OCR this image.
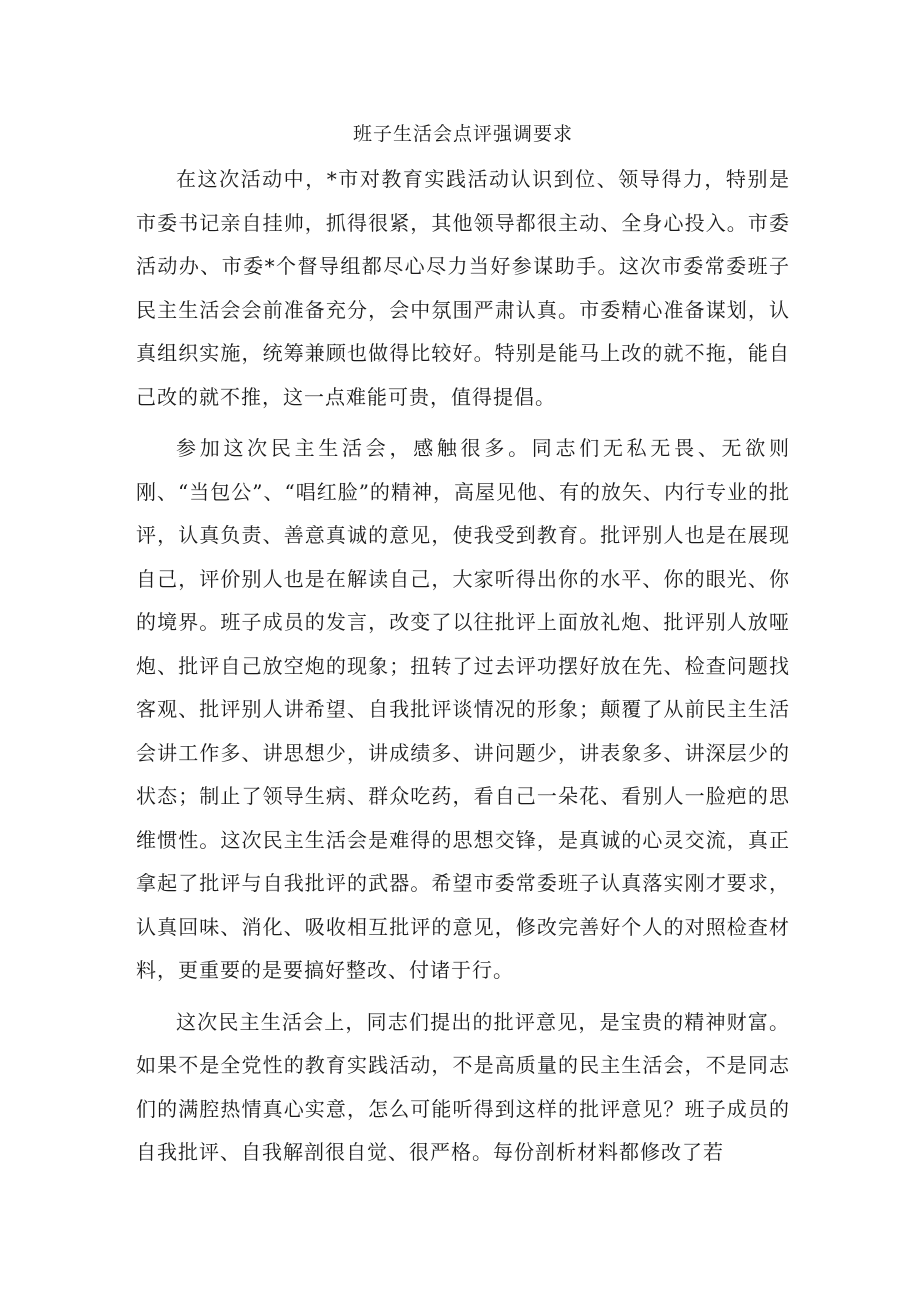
班子生活会点评强调要求

在这次活动中，*市对教育实践活动认识到位、领导得力，特别是市委书记亲自挂帅，抓得很紧，其他领导都很主动、全身心投入。市委活动办、市委*个督导组都尽心尽力当好参谋助手。这次市委常委班子民主生活会会前准备充分，会中氛围严肃认真。市委精心准备谋划，认真组织实施，统筹兼顾也做得比较好。特别是能马上改的就不拖，能自己改的就不推，这一点难能可贵，值得提倡。

参加这次民主生活会，感触很多。同志们无私无畏、无欲则刚、“当包公”、“唱红脸”的精神，高屋见他、有的放矢、内行专业的批评，认真负责、善意真诚的意见，使我受到教育。批评别人也是在展现自己，评价别人也是在解读自己，大家听得出你的水平、你的眼光、你的境界。班子成员的发言，改变了以往批评上面放礼炮、批评别人放哑炮、批评自己放空炮的现象；扭转了过去评功摆好放在先、检查问题找客观、批评别人讲希望、自我批评谈情况的形象；颠覆了从前民主生活会讲工作多、讲思想少，讲成绩多、讲问题少，讲表象多、讲深层少的状态；制止了领导生病、群众吃药，看自己一朵花、看别人一脸疤的思维惯性。这次民主生活会是难得的思想交锋，是真诚的心灵交流，真正拿起了批评与自我批评的武器。希望市委常委班子认真落实刚才要求，认真回味、消化、吸收相互批评的意见，修改完善好个人的对照检查材料，更重要的是要搞好整改、付诸于行。

这次民主生活会上，同志们提出的批评意见，是宝贵的精神财富。如果不是全党性的教育实践活动，不是高质量的民主生活会，不是同志们的满腔热情真心实意，怎么可能听得到这样的批评意见？班子成员的自我批评、自我解剖很自觉、很严格。每份剖析材料都修改了若
